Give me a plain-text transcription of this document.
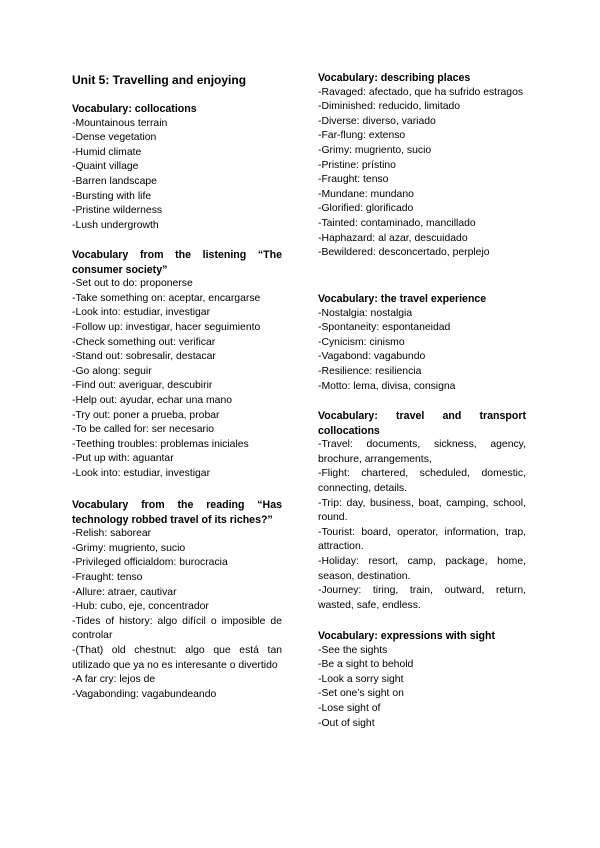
Unit 5: Travelling and enjoying
Vocabulary: collocations
-Mountainous terrain
-Dense vegetation
-Humid climate
-Quaint village
-Barren landscape
-Bursting with life
-Pristine wilderness
-Lush undergrowth
Vocabulary from the listening “The consumer society”
-Set out to do: proponerse
-Take something on: aceptar, encargarse
-Look into: estudiar, investigar
-Follow up: investigar, hacer seguimiento
-Check something out: verificar
-Stand out: sobresalir, destacar
-Go along: seguir
-Find out: averiguar, descubirir
-Help out: ayudar, echar una mano
-Try out: poner a prueba, probar
-To be called for: ser necesario
-Teething troubles: problemas iniciales
-Put up with: aguantar
-Look into: estudiar, investigar
Vocabulary from the reading “Has technology robbed travel of its riches?”
-Relish: saborear
-Grimy: mugriento, sucio
-Privileged officialdom: burocracia
-Fraught: tenso
-Allure: atraer, cautivar
-Hub: cubo, eje, concentrador
-Tides of history: algo difícil o imposible de controlar
-(That) old chestnut: algo que está tan utilizado que ya no es interesante o divertido
-A far cry: lejos de
-Vagabonding: vagabundeando
Vocabulary: describing places
-Ravaged: afectado, que ha sufrido estragos
-Diminished: reducido, limitado
-Diverse: diverso, variado
-Far-flung: extenso
-Grimy: mugriento, sucio
-Pristine: prístino
-Fraught: tenso
-Mundane: mundano
-Glorified: glorificado
-Tainted: contaminado, mancillado
-Haphazard: al azar, descuidado
-Bewildered: desconcertado, perplejo
Vocabulary: the travel experience
-Nostalgia: nostalgia
-Spontaneity: espontaneidad
-Cynicism: cinismo
-Vagabond: vagabundo
-Resilience: resiliencia
-Motto: lema, divisa, consigna
Vocabulary: travel and transport collocations
-Travel: documents, sickness, agency, brochure, arrangements,
-Flight: chartered, scheduled, domestic, connecting, details.
-Trip: day, business, boat, camping, school, round.
-Tourist: board, operator, information, trap, attraction.
-Holiday: resort, camp, package, home, season, destination.
-Journey: tiring, train, outward, return, wasted, safe, endless.
Vocabulary: expressions with sight
-See the sights
-Be a sight to behold
-Look a sorry sight
-Set one’s sight on
-Lose sight of
-Out of sight
